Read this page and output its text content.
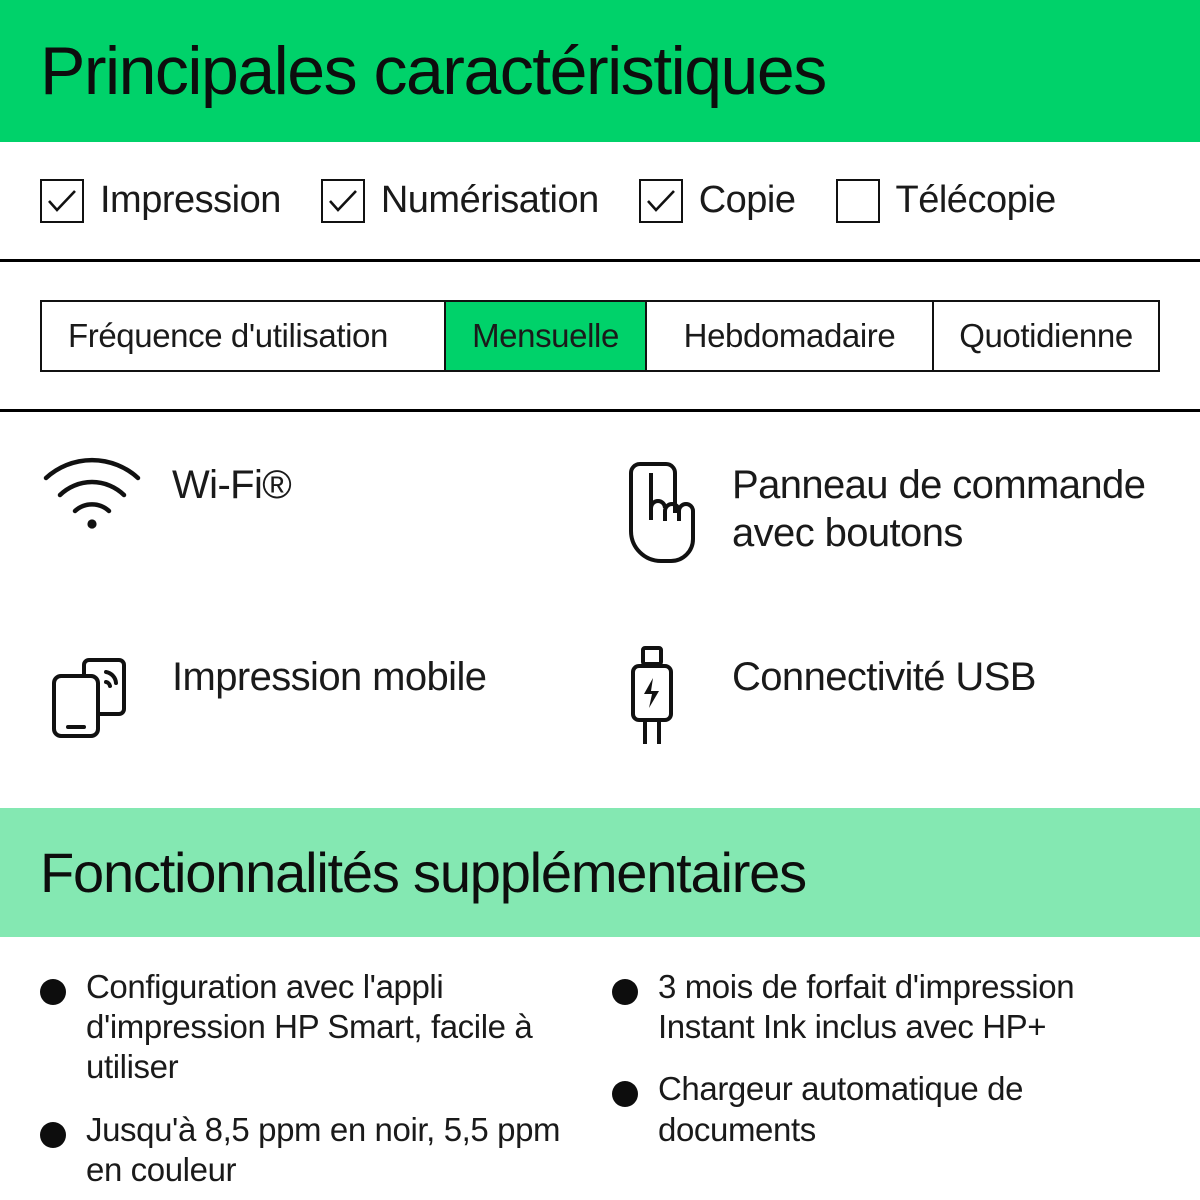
Principales caractéristiques
Impression	Numérisation	Copie	Télécopie
Fréquence d'utilisation	Mensuelle	Hebdomadaire	Quotidienne
Wi-Fi®	Panneau de commande avec boutons
Impression mobile	Connectivité USB
Fonctionnalités supplémentaires
Configuration avec l'appli d'impression HP Smart, facile à utiliser
Jusqu'à 8,5 ppm en noir, 5,5 ppm en couleur
3 mois de forfait d'impression Instant Ink inclus avec HP+
Chargeur automatique de documents
